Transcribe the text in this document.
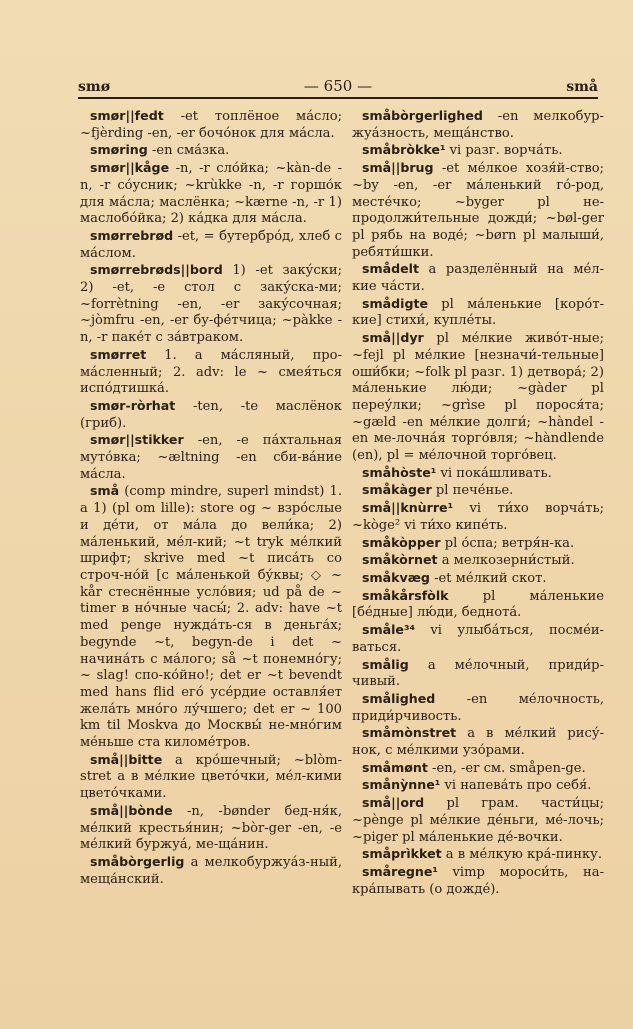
smø	— 650 —	små

smør||fedt -et топлёное ма́сло; ~fjèrding -en, -er бочо́нок для ма́сла.

smøring -en сма́зка.

smør||kåge -n, -r сло́йка; ~kàn-de -n, -r со́усник; ~krùkke -n, -r горшо́к для ма́сла; маслёнка; ~kærne -n, -r 1) маслобо́йка; 2) ка́дка для ма́сла.

smørrebrød -et, = бутербро́д, хлеб с ма́слом.

smørrebrøds||bord 1) -et заку́ски; 2) -et, -e стол с заку́ска-ми; ~forrètning -en, -er заку́сочная; ~jòmfru -en, -er бу-фе́тчица; ~pàkke -n, -r паке́т с за́втраком.

smørret 1. a ма́сляный, про-ма́сленный; 2. adv: le ~ смея́ться испо́дтишка́.

smør-ròrhat -ten, -te маслёнок (гриб).

smør||stikker -en, -e па́хтальная муто́вка; ~æltning -en сби-ва́ние ма́сла.

små (comp mindre, superl mindst) 1. a 1) (pl om lille): store og ~ взро́слые и де́ти, от ма́ла до вели́ка; 2) ма́ленький, ме́л-кий; ~t tryk ме́лкий шрифт; skrive med ~t писа́ть со строч-но́й [с ма́ленькой бу́квы; ◇ ~ kår стеснённые усло́вия; ud på de ~ timer в но́чные часы́; 2. adv: have ~t med penge нужда́ть-ся в деньга́х; begynde ~t, begyn-de i det ~ начина́ть с ма́лого; så ~t понемно́гу; ~ slag! спо-ко́йно!; det er ~t bevendt med hans flid его́ усе́рдие оставля́ет жела́ть мно́го лу́чшего; det er ~ 100 km til Moskva до Москвы́ не-мно́гим ме́ньше ста киломе́тров.

små||bitte a кро́шечный; ~blòm-stret a в ме́лкие цвето́чки, ме́л-кими цвето́чками.

små||bònde -n, -bønder бед-ня́к, ме́лкий крестья́нин; ~bòr-ger -en, -e ме́лкий буржуа́, ме-ща́нин.

småbòrgerlig a мелкобуржуа́з-ный, меща́нский.

småbòrgerlighed -en мелкобур-жуа́зность, меща́нство.

småbròkke¹ vi разг. ворча́ть.

små||brug -et ме́лкое хозя́й-ство; ~by -en, -er ма́ленький го́-род, месте́чко; ~byger pl не-продолжи́тельные дожди́; ~bøl-ger pl рябь на воде́; ~børn pl малыши́, ребяти́шки.

smådelt a разделённый на ме́л-кие ча́сти.

smådigte pl ма́ленькие [коро́т-кие] стихи́, купле́ты.

små||dyr pl ме́лкие живо́т-ные; ~fejl pl ме́лкие [незначи́-тельные] оши́бки; ~folk pl разг. 1) детвора́; 2) ма́ленькие лю́ди; ~gàder pl переу́лки; ~grìse pl порося́та; ~gæld -en ме́лкие долги́; ~hàndel -en ме-лочна́я торго́вля; ~hàndlende (en), pl = ме́лочной торго́вец.

småhòste¹ vi пока́шливать.

småkàger pl пече́нье.

små||knùrre¹ vi ти́хо ворча́ть; ~kòge² vi ти́хо кипе́ть.

småkòpper pl о́спа; ветря́н-ка.

småkòrnet a мелкозерни́стый.

småkvæg -et ме́лкий скот.

småkårsfòlk pl ма́ленькие [бе́дные] лю́ди, беднота́.

småle³⁴ vi улыба́ться, посме́и-ваться.

smålig a ме́лочный, приди́р-чивый.

smålighed -en ме́лочность, приди́рчивость.

småmònstret a в ме́лкий рису́-нок, с ме́лкими узо́рами.

småmønt -en, -er см. småpen-ge.

smånỳnne¹ vi напева́ть про себя́.

små||ord pl грам. части́цы; ~pènge pl ме́лкие де́ньги, ме́-лочь; ~piger pl ма́ленькие де́-вочки.

småprìkket a в ме́лкую кра́-пинку.

småregne¹ vimp мороси́ть, на-кра́пывать (о дожде́).
